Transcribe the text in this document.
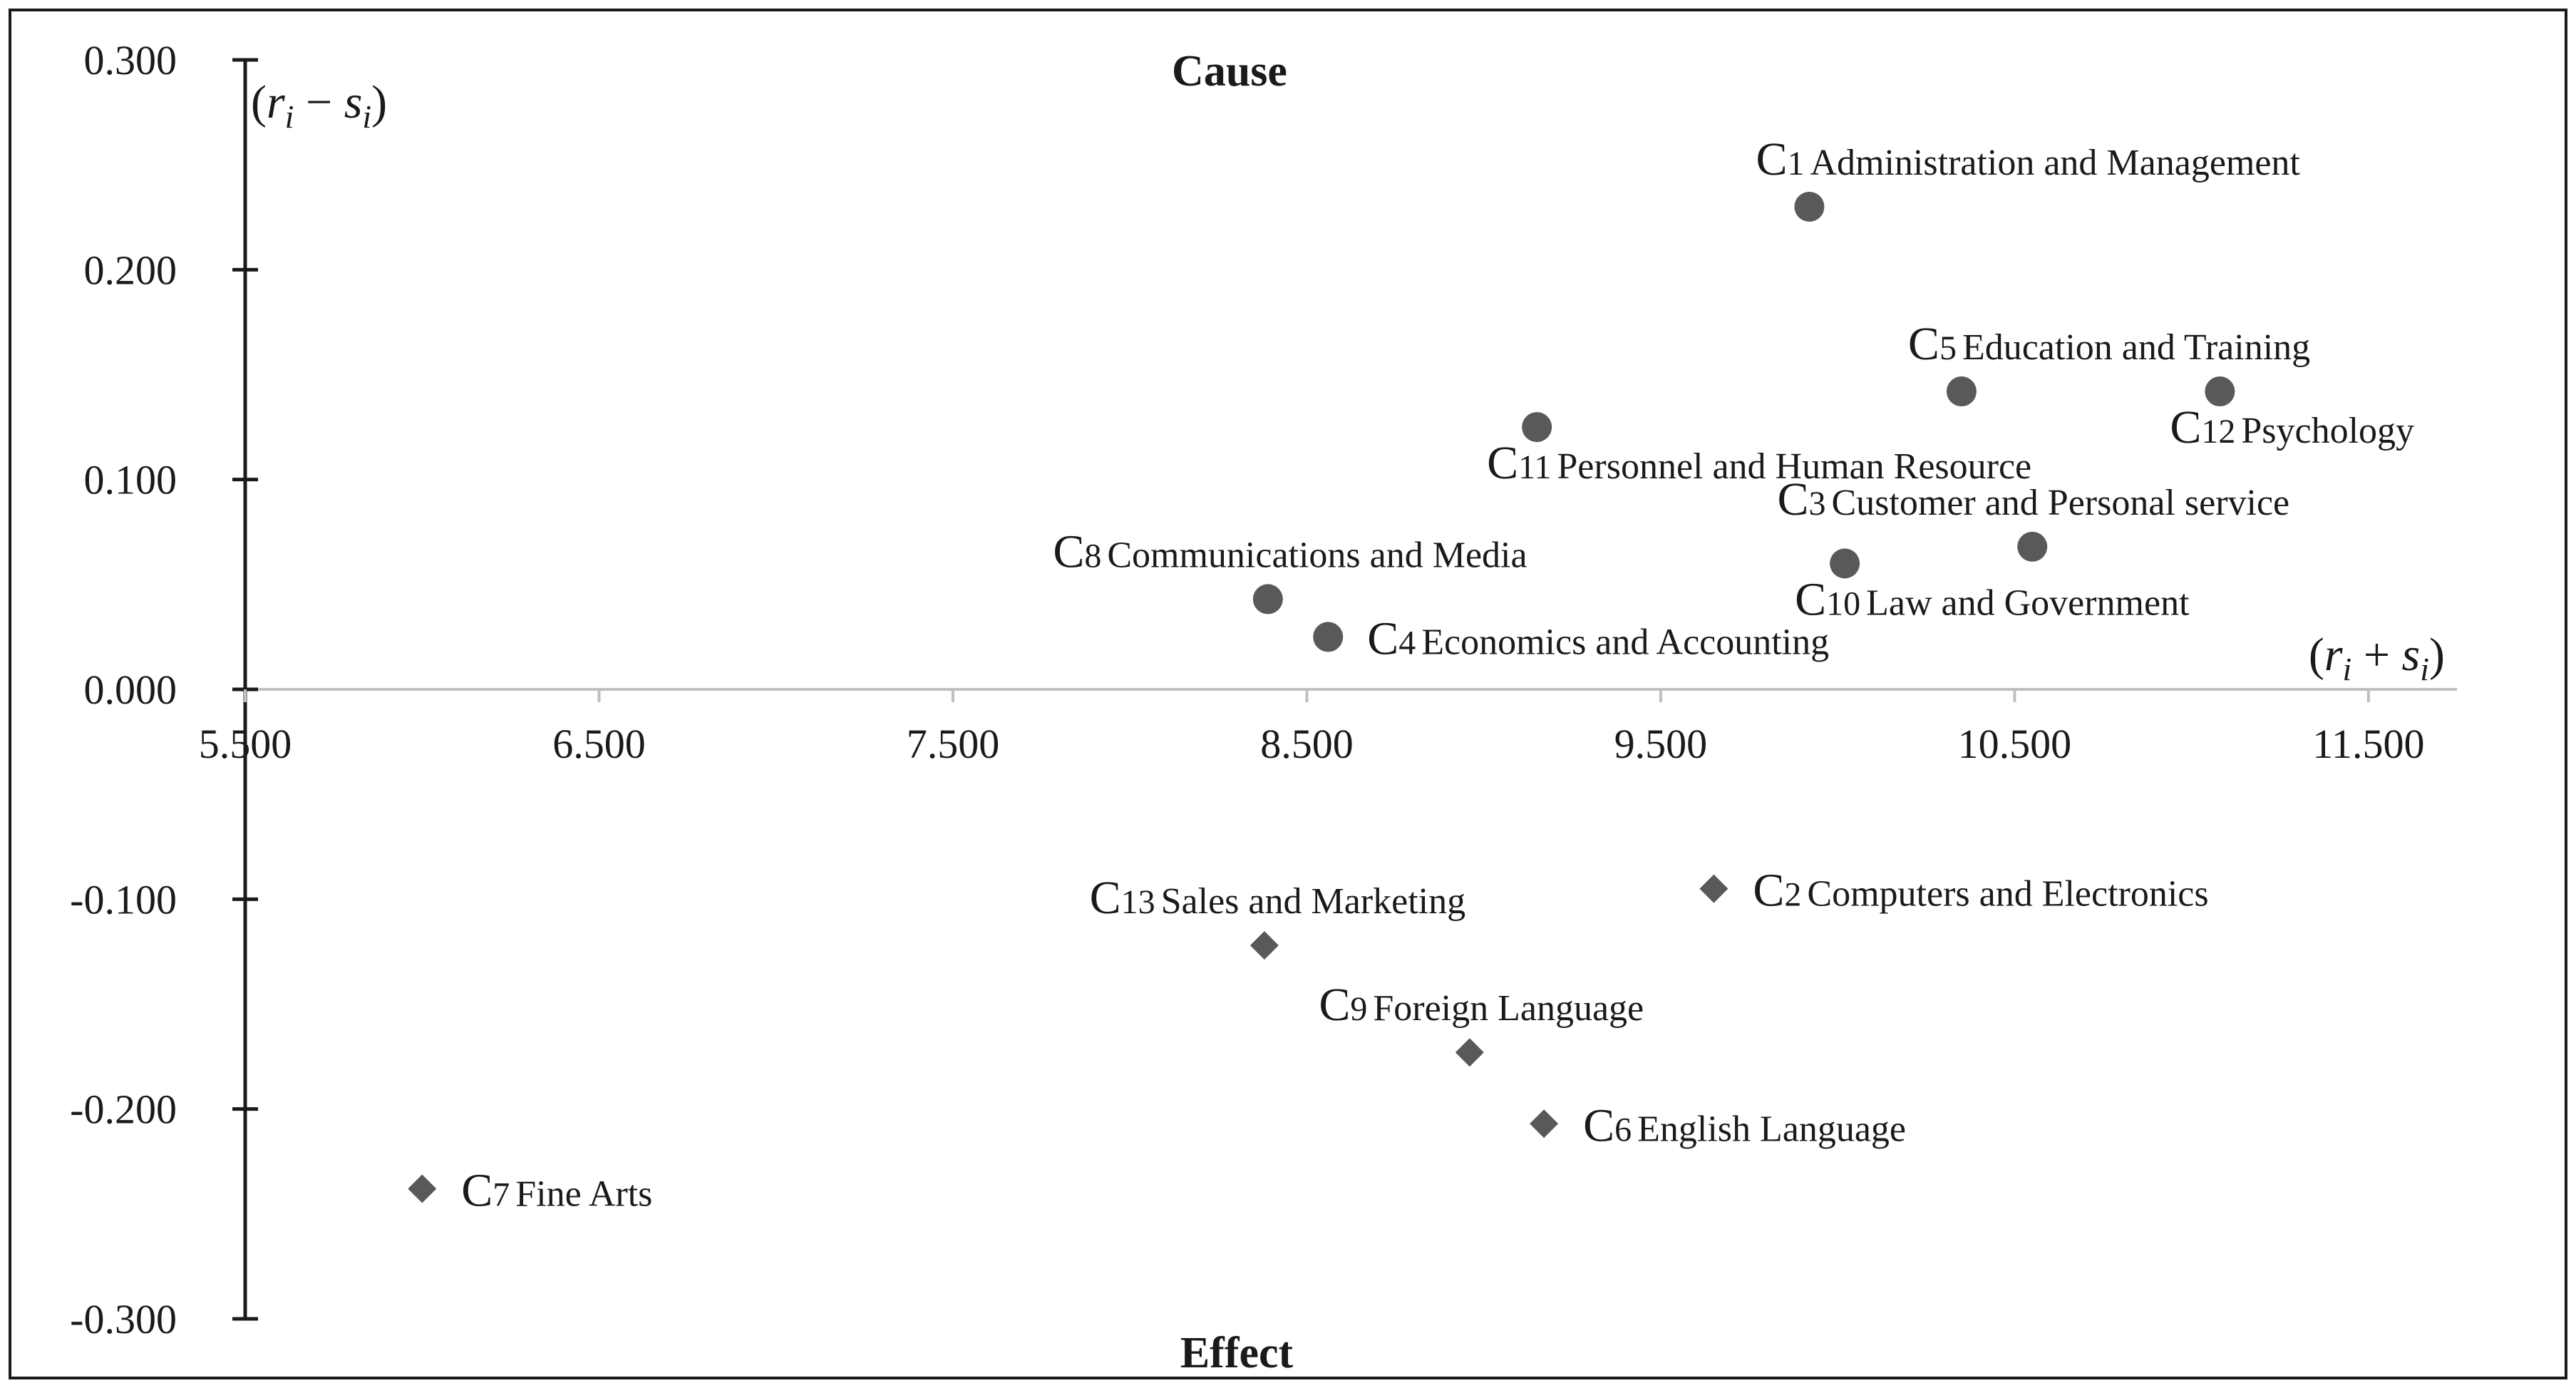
0.300
0.200
0.100
0.000
-0.100
-0.200
-0.300
5.500	6.500	7.500	8.500	9.500	10.500	11.500
Cause
Effect
$(r_i - s_i)$
$(r_i + s_i)$
C1 Administration and Management
C5 Education and Training
C12 Psychology
C11 Personnel and Human Resource
C3 Customer and Personal service
C10 Law and Government
C8 Communications and Media
C4 Economics and Accounting
C2 Computers and Electronics
C13 Sales and Marketing
C9 Foreign Language
C6 English Language
C7 Fine Arts
